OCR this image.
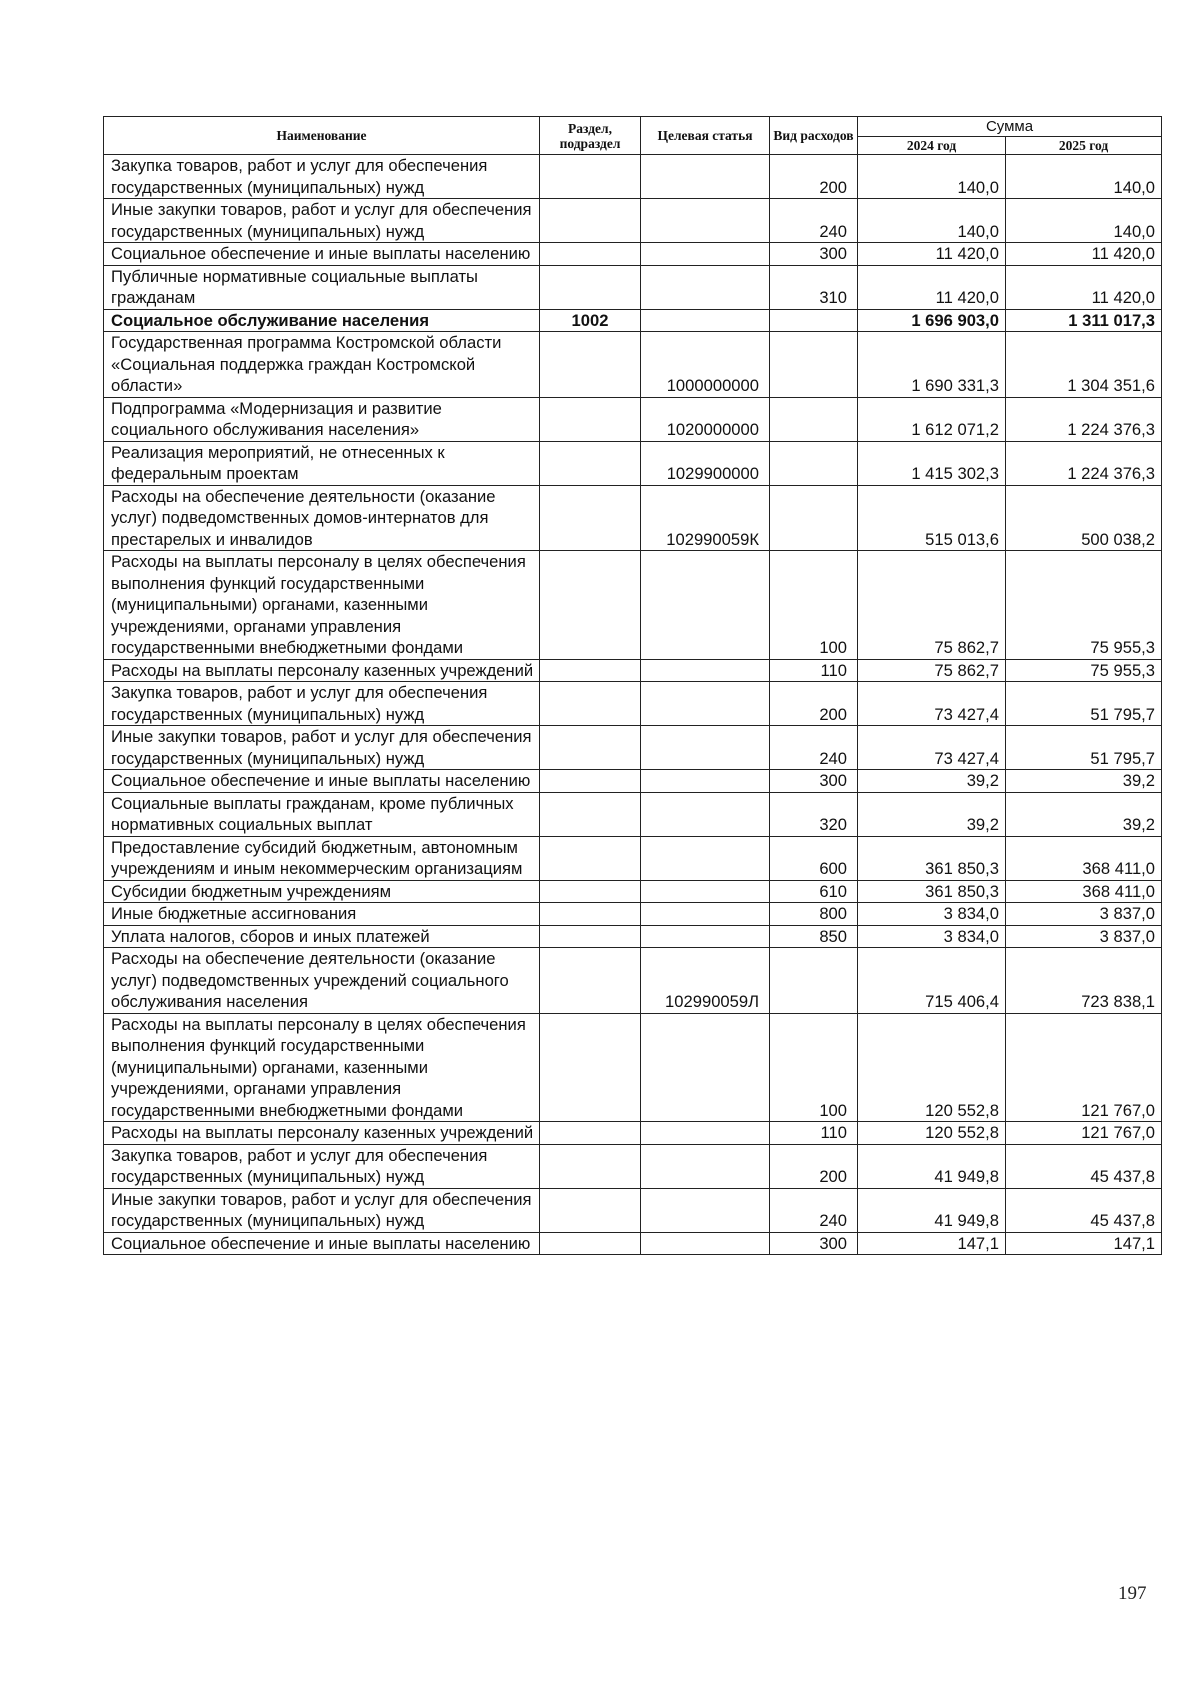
Наименование	Раздел, подраздел	Целевая статья	Вид расходов	Сумма	
				2024 год	2025 год
Закупка товаров, работ и услуг для обеспечения государственных (муниципальных) нужд			200	140,0	140,0
Иные закупки товаров, работ и услуг для обеспечения государственных (муниципальных) нужд			240	140,0	140,0
Социальное обеспечение и иные выплаты населению			300	11 420,0	11 420,0
Публичные нормативные социальные выплаты гражданам			310	11 420,0	11 420,0
Социальное обслуживание населения	1002			1 696 903,0	1 311 017,3
Государственная программа Костромской области «Социальная поддержка граждан Костромской области»		1000000000		1 690 331,3	1 304 351,6
Подпрограмма «Модернизация и развитие социального обслуживания населения»		1020000000		1 612 071,2	1 224 376,3
Реализация мероприятий, не отнесенных к федеральным проектам		1029900000		1 415 302,3	1 224 376,3
Расходы на обеспечение деятельности (оказание услуг) подведомственных домов-интернатов для престарелых и инвалидов		102990059К		515 013,6	500 038,2
Расходы на выплаты персоналу в целях обеспечения выполнения функций государственными (муниципальными) органами, казенными учреждениями, органами управления государственными внебюджетными фондами			100	75 862,7	75 955,3
Расходы на выплаты персоналу казенных учреждений			110	75 862,7	75 955,3
Закупка товаров, работ и услуг для обеспечения государственных (муниципальных) нужд			200	73 427,4	51 795,7
Иные закупки товаров, работ и услуг для обеспечения государственных (муниципальных) нужд			240	73 427,4	51 795,7
Социальное обеспечение и иные выплаты населению			300	39,2	39,2
Социальные выплаты гражданам, кроме публичных нормативных социальных выплат			320	39,2	39,2
Предоставление субсидий бюджетным, автономным учреждениям и иным некоммерческим организациям			600	361 850,3	368 411,0
Субсидии бюджетным учреждениям			610	361 850,3	368 411,0
Иные бюджетные ассигнования			800	3 834,0	3 837,0
Уплата налогов, сборов и иных платежей			850	3 834,0	3 837,0
Расходы на обеспечение деятельности (оказание услуг) подведомственных учреждений социального обслуживания населения		102990059Л		715 406,4	723 838,1
Расходы на выплаты персоналу в целях обеспечения выполнения функций государственными (муниципальными) органами, казенными учреждениями, органами управления государственными внебюджетными фондами			100	120 552,8	121 767,0
Расходы на выплаты персоналу казенных учреждений			110	120 552,8	121 767,0
Закупка товаров, работ и услуг для обеспечения государственных (муниципальных) нужд			200	41 949,8	45 437,8
Иные закупки товаров, работ и услуг для обеспечения государственных (муниципальных) нужд			240	41 949,8	45 437,8
Социальное обеспечение и иные выплаты населению			300	147,1	147,1
197
